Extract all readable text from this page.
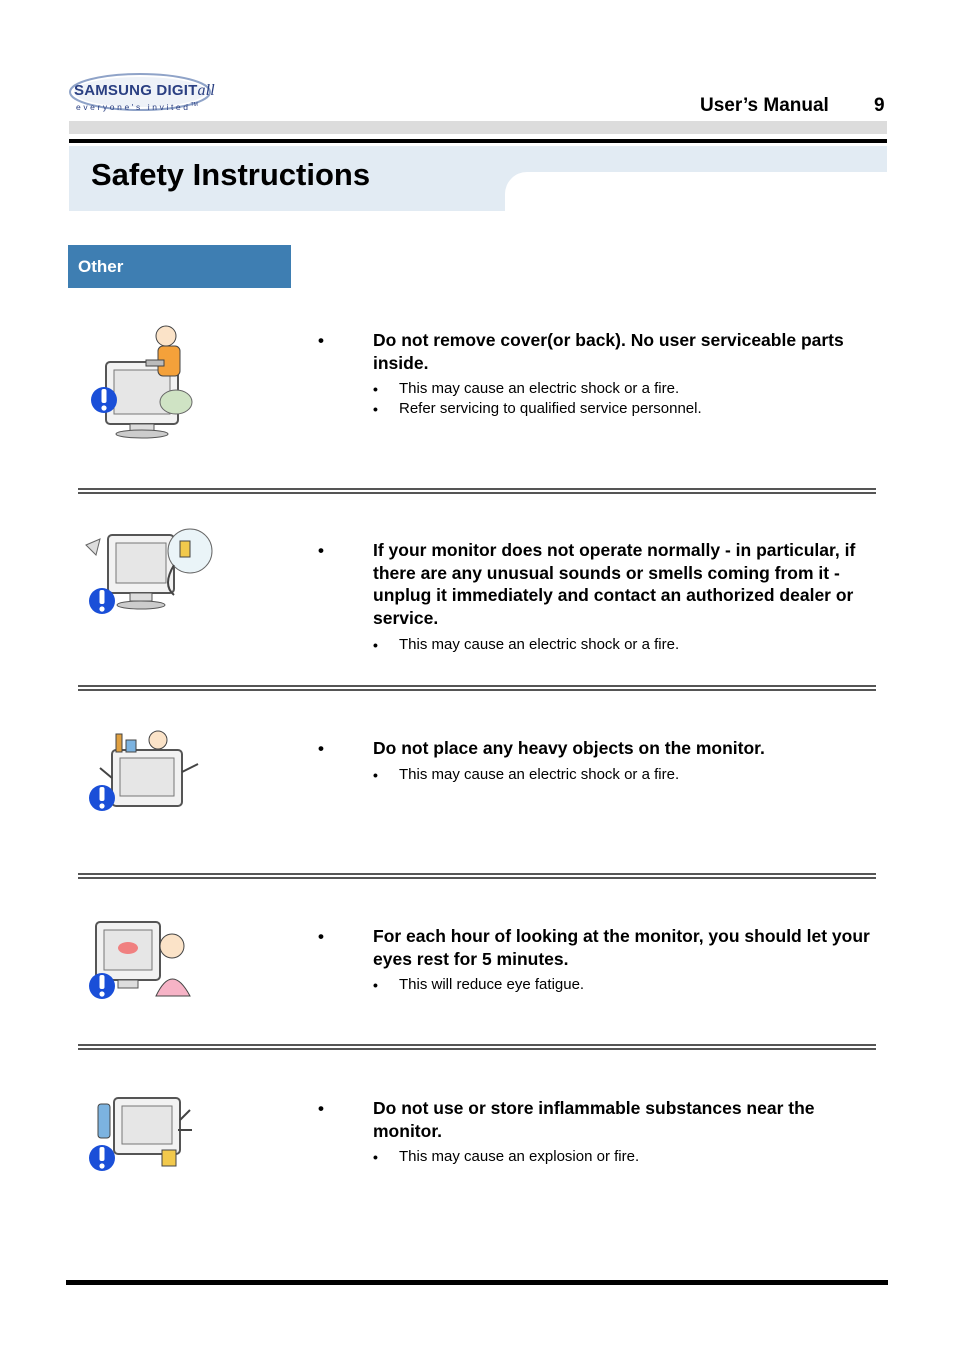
SAMSUNG DIGITall
everyone's invited™	User’s Manual 9
Safety Instructions
Other
•	Do not remove cover(or back). No user serviceable parts inside.
• This may cause an electric shock or a fire.
• Refer servicing to qualified service personnel.
•	If your monitor does not operate normally - in particular, if there are any unusual sounds or smells coming from it - unplug it immediately and contact an authorized dealer or service.
• This may cause an electric shock or a fire.
•	Do not place any heavy objects on the monitor.
• This may cause an electric shock or a fire.
•	For each hour of looking at the monitor, you should let your eyes rest for 5 minutes.
• This will reduce eye fatigue.
•	Do not use or store inflammable substances near the monitor.
• This may cause an explosion or fire.
